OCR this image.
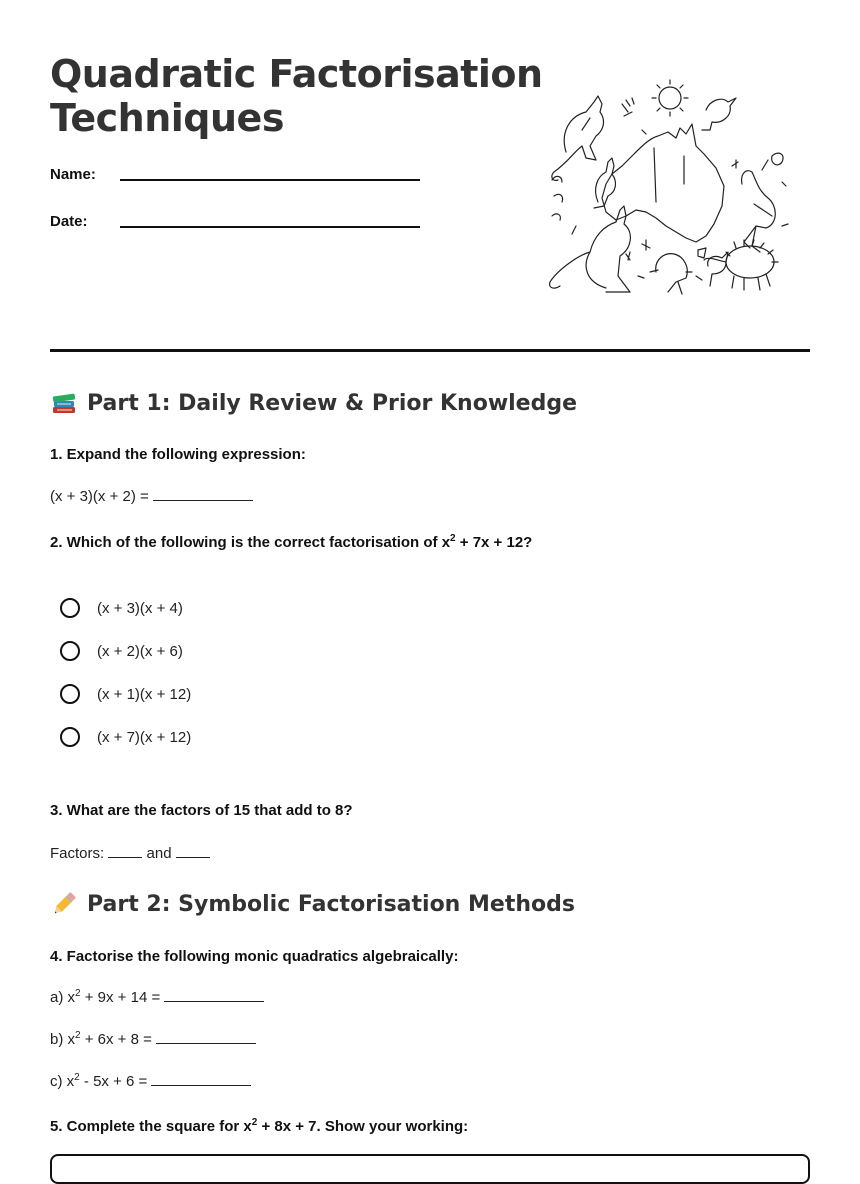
Quadratic Factorisation
Techniques
Name:
Date:
Part 1: Daily Review & Prior Knowledge
1. Expand the following expression:
(x + 3)(x + 2) =
2. Which of the following is the correct factorisation of $x^2 + 7x + 12$?
(x + 3)(x + 4)
(x + 2)(x + 6)
(x + 1)(x + 12)
(x + 7)(x + 12)
3. What are the factors of 15 that add to 8?
Factors:	and
Part 2: Symbolic Factorisation Methods
4. Factorise the following monic quadratics algebraically:
a) $x^2 + 9x + 14$ =
b) $x^2 + 6x + 8$ =
c) $x^2 - 5x + 6$ =
5. Complete the square for $x^2 + 8x + 7$. Show your working:
